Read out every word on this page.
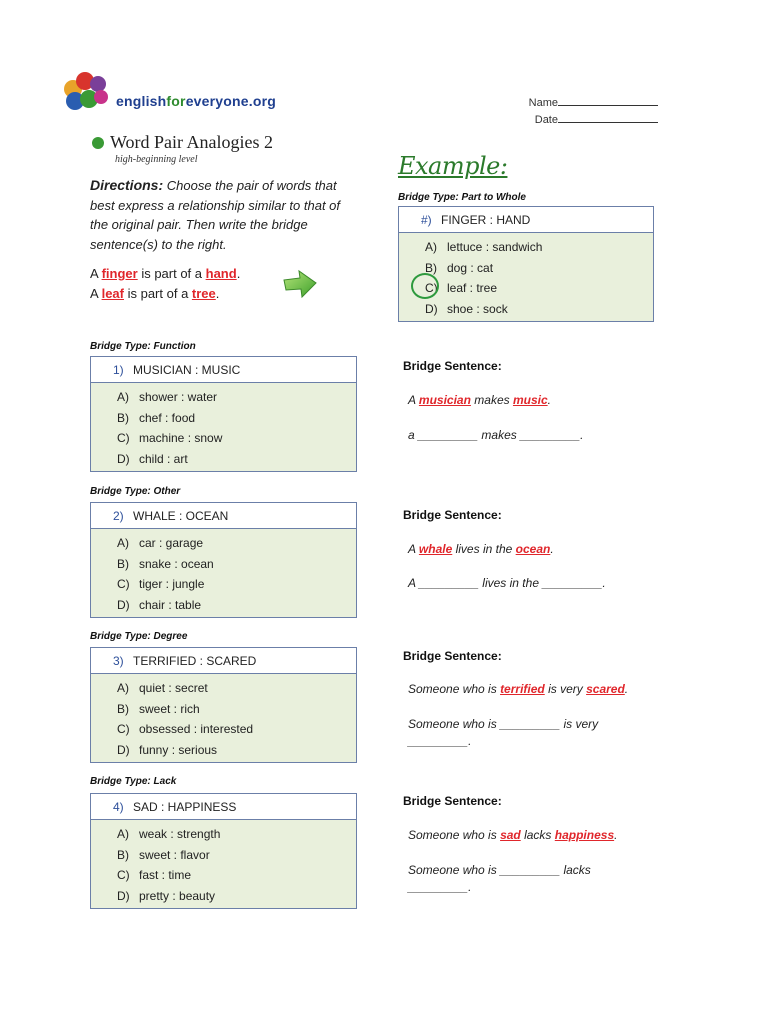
englishforeveryone.org	Name
Date
Word Pair Analogies 2
high-beginning level
Directions: Choose the pair of words that best express a relationship similar to that of the original pair. Then write the bridge sentence(s) to the right.
A finger is part of a hand.
A leaf is part of a tree.
Example:
Bridge Type: Part to Whole
#) FINGER : HAND
A) lettuce : sandwich
B) dog : cat
C) leaf : tree
D) shoe : sock
Bridge Type: Function
1) MUSICIAN : MUSIC
A) shower : water
B) chef : food
C) machine : snow
D) child : art
Bridge Sentence:
A musician makes music.
a _________ makes _________.
Bridge Type: Other
2) WHALE : OCEAN
A) car : garage
B) snake : ocean
C) tiger : jungle
D) chair : table
Bridge Sentence:
A whale lives in the ocean.
A _________ lives in the _________.
Bridge Type: Degree
3) TERRIFIED : SCARED
A) quiet : secret
B) sweet : rich
C) obsessed : interested
D) funny : serious
Bridge Sentence:
Someone who is terrified is very scared.
Someone who is _________ is very _________.
Bridge Type: Lack
4) SAD : HAPPINESS
A) weak : strength
B) sweet : flavor
C) fast : time
D) pretty : beauty
Bridge Sentence:
Someone who is sad lacks happiness.
Someone who is _________ lacks _________.
